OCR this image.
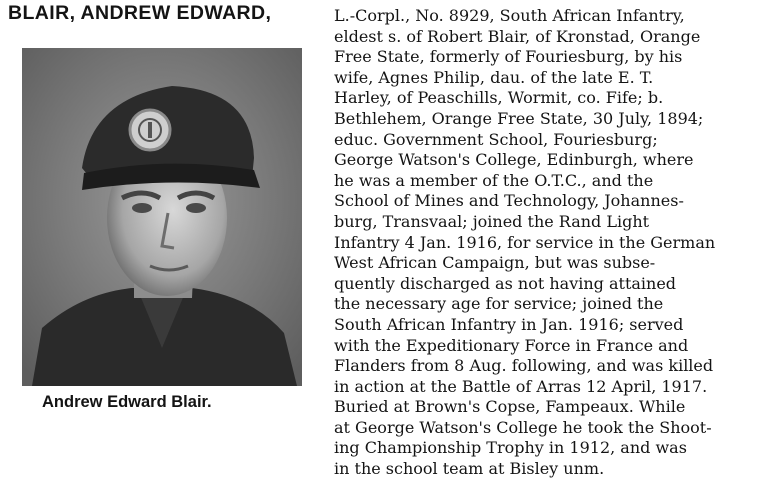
BLAIR, ANDREW EDWARD,	L.-Corpl., No. 8929, South African Infantry,
eldest s. of Robert Blair, of Kronstad, Orange
Free State, formerly of Fouriesburg, by his
wife, Agnes Philip, dau. of the late E. T.
Harley, of Peaschills, Wormit, co. Fife; b.
Bethlehem, Orange Free State, 30 July, 1894;
educ. Government School, Fouriesburg;
George Watson's College, Edinburgh, where
he was a member of the O.T.C., and the
School of Mines and Technology, Johannes-
burg, Transvaal; joined the Rand Light
Infantry 4 Jan. 1916, for service in the German
West African Campaign, but was subse-
quently discharged as not having attained
the necessary age for service; joined the
South African Infantry in Jan. 1916; served
with the Expeditionary Force in France and
Flanders from 8 Aug. following, and was killed
in action at the Battle of Arras 12 April, 1917.
Buried at Brown's Copse, Fampeaux. While
at George Watson's College he took the Shoot-
ing Championship Trophy in 1912, and was
in the school team at Bisley unm.
Andrew Edward Blair.
